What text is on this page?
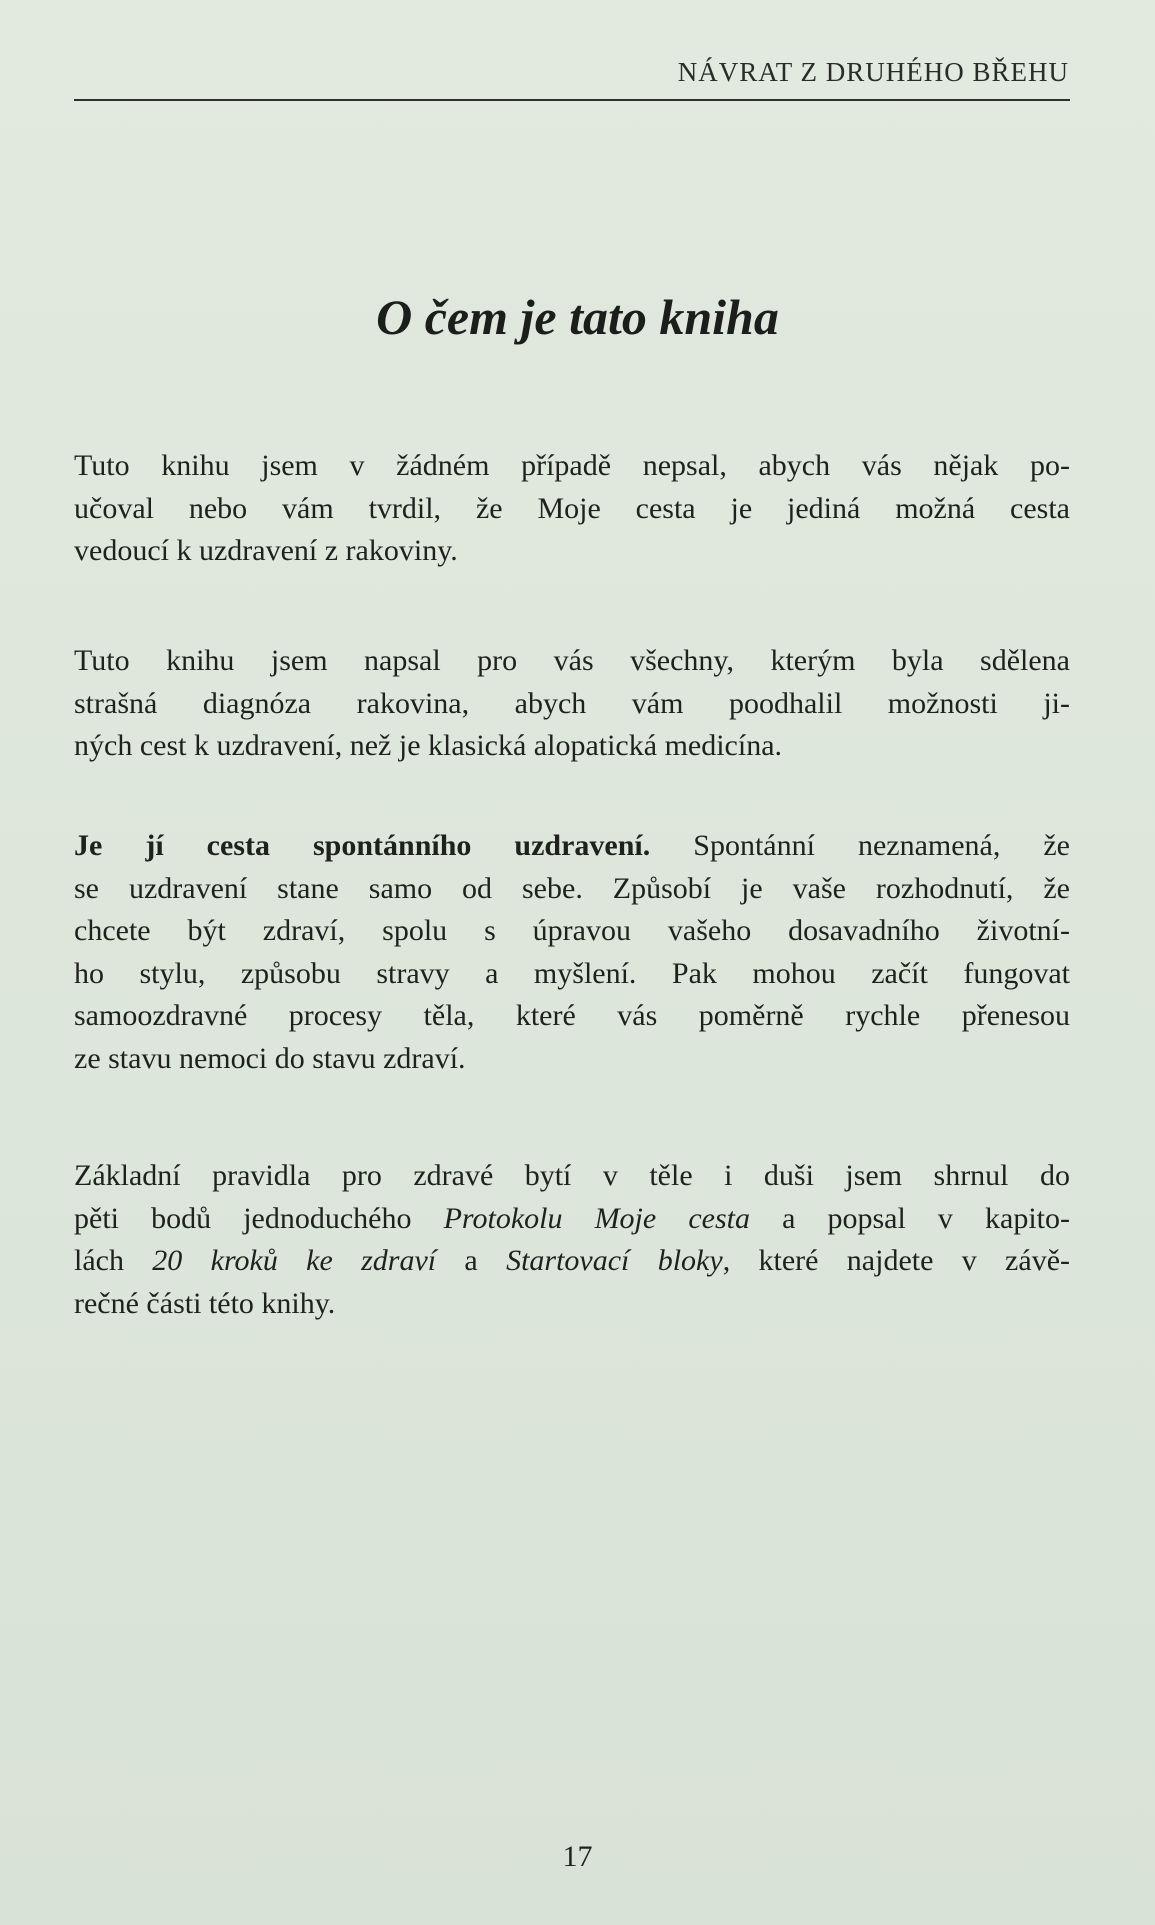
NÁVRAT Z DRUHÉHO BŘEHU
O čem je tato kniha

Tuto knihu jsem v žádném případě nepsal, abych vás nějak po-
učoval nebo vám tvrdil, že Moje cesta je jediná možná cesta
vedoucí k uzdravení z rakoviny.

Tuto knihu jsem napsal pro vás všechny, kterým byla sdělena
strašná diagnóza rakovina, abych vám poodhalil možnosti ji-
ných cest k uzdravení, než je klasická alopatická medicína.

Je jí cesta spontánního uzdravení. Spontánní neznamená, že
se uzdravení stane samo od sebe. Způsobí je vaše rozhodnutí, že
chcete být zdraví, spolu s úpravou vašeho dosavadního životní-
ho stylu, způsobu stravy a myšlení. Pak mohou začít fungovat
samoozdravné procesy těla, které vás poměrně rychle přenesou
ze stavu nemoci do stavu zdraví.

Základní pravidla pro zdravé bytí v těle i duši jsem shrnul do
pěti bodů jednoduchého Protokolu Moje cesta a popsal v kapito-
lách 20 kroků ke zdraví a Startovací bloky, které najdete v závě-
rečné části této knihy.

17
